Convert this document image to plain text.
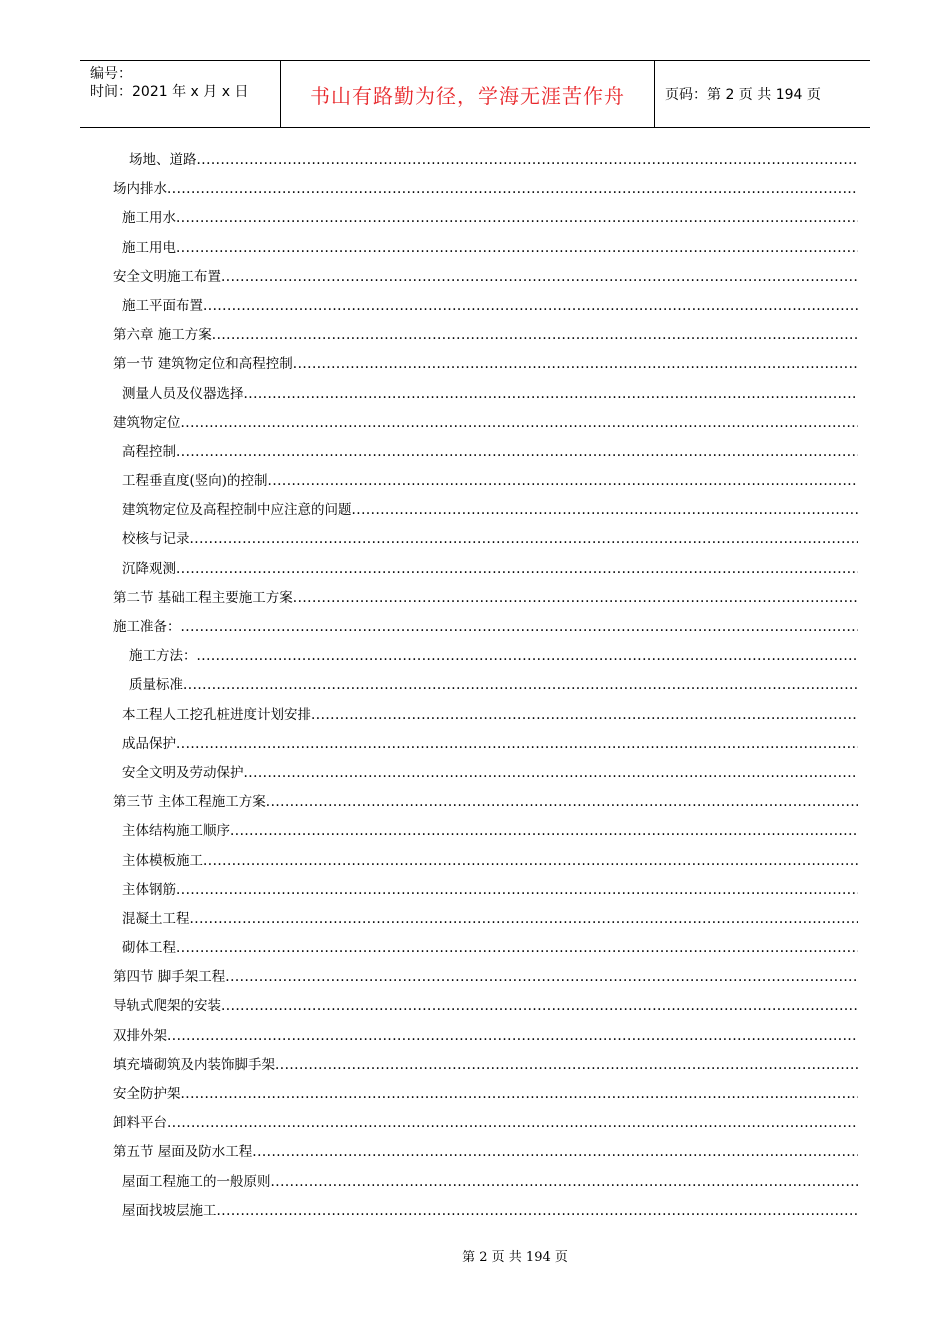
编号：
时间：2021 年 x 月 x 日	书山有路勤为径，学海无涯苦作舟	页码：第 2 页 共 194 页
场地、道路
.....
场内排水
.....
施工用水
.....
施工用电
.....
安全文明施工布置
.....
施工平面布置
.....
第六章 施工方案
.....
第一节 建筑物定位和高程控制
.....
测量人员及仪器选择
.....
建筑物定位
.....
高程控制
.....
工程垂直度(竖向)的控制
.....
建筑物定位及高程控制中应注意的问题
.....
校核与记录
.....
沉降观测
.....
第二节 基础工程主要施工方案
.....
施工准备：
.....
施工方法：
.....
质量标准
.....
本工程人工挖孔桩进度计划安排
.....
成品保护
.....
安全文明及劳动保护
.....
第三节 主体工程施工方案
.....
主体结构施工顺序
.....
主体模板施工
.....
主体钢筋
.....
混凝土工程
.....
砌体工程
.....
第四节 脚手架工程
.....
导轨式爬架的安装
.....
双排外架
.....
填充墙砌筑及内装饰脚手架
.....
安全防护架
.....
卸料平台
.....
第五节 屋面及防水工程
.....
屋面工程施工的一般原则
.....
屋面找坡层施工
.....
第 2 页 共 194 页
